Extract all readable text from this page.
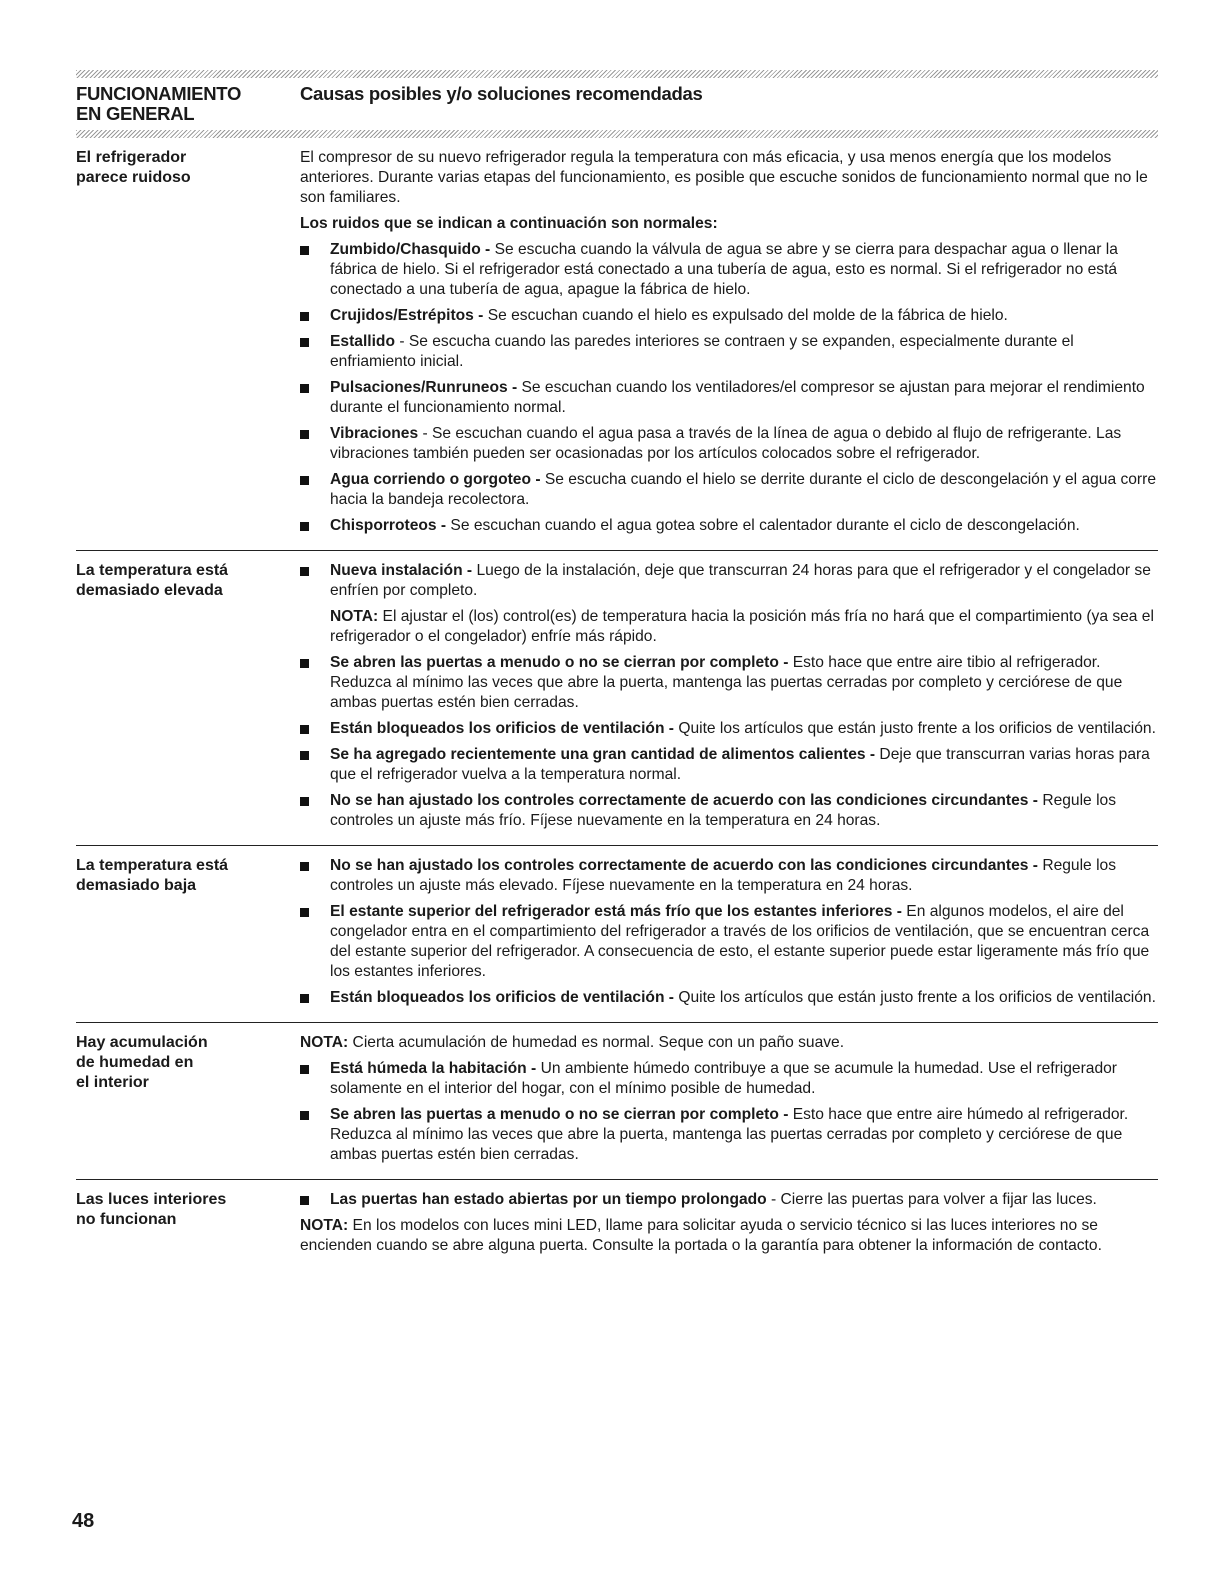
FUNCIONAMIENTO
EN GENERAL
Causas posibles y/o soluciones recomendadas
El refrigerador
parece ruidoso

El compresor de su nuevo refrigerador regula la temperatura con más eficacia, y usa menos energía que los modelos anteriores. Durante varias etapas del funcionamiento, es posible que escuche sonidos de funcionamiento normal que no le son familiares.

Los ruidos que se indican a continuación son normales:

Zumbido/Chasquido - Se escucha cuando la válvula de agua se abre y se cierra para despachar agua o llenar la fábrica de hielo. Si el refrigerador está conectado a una tubería de agua, esto es normal. Si el refrigerador no está conectado a una tubería de agua, apague la fábrica de hielo.
Crujidos/Estrépitos - Se escuchan cuando el hielo es expulsado del molde de la fábrica de hielo.
Estallido - Se escucha cuando las paredes interiores se contraen y se expanden, especialmente durante el enfriamiento inicial.
Pulsaciones/Runruneos - Se escuchan cuando los ventiladores/el compresor se ajustan para mejorar el rendimiento durante el funcionamiento normal.
Vibraciones - Se escuchan cuando el agua pasa a través de la línea de agua o debido al flujo de refrigerante. Las vibraciones también pueden ser ocasionadas por los artículos colocados sobre el refrigerador.
Agua corriendo o gorgoteo - Se escucha cuando el hielo se derrite durante el ciclo de descongelación y el agua corre hacia la bandeja recolectora.
Chisporroteos - Se escuchan cuando el agua gotea sobre el calentador durante el ciclo de descongelación.
La temperatura está
demasiado elevada
Nueva instalación - Luego de la instalación, deje que transcurran 24 horas para que el refrigerador y el congelador se enfríen por completo.

NOTA: El ajustar el (los) control(es) de temperatura hacia la posición más fría no hará que el compartimiento (ya sea el refrigerador o el congelador) enfríe más rápido.

Se abren las puertas a menudo o no se cierran por completo - Esto hace que entre aire tibio al refrigerador. Reduzca al mínimo las veces que abre la puerta, mantenga las puertas cerradas por completo y cerciórese de que ambas puertas estén bien cerradas.
Están bloqueados los orificios de ventilación - Quite los artículos que están justo frente a los orificios de ventilación.
Se ha agregado recientemente una gran cantidad de alimentos calientes - Deje que transcurran varias horas para que el refrigerador vuelva a la temperatura normal.
No se han ajustado los controles correctamente de acuerdo con las condiciones circundantes - Regule los controles un ajuste más frío. Fíjese nuevamente en la temperatura en 24 horas.
La temperatura está
demasiado baja
No se han ajustado los controles correctamente de acuerdo con las condiciones circundantes - Regule los controles un ajuste más elevado. Fíjese nuevamente en la temperatura en 24 horas.
El estante superior del refrigerador está más frío que los estantes inferiores - En algunos modelos, el aire del congelador entra en el compartimiento del refrigerador a través de los orificios de ventilación, que se encuentran cerca del estante superior del refrigerador. A consecuencia de esto, el estante superior puede estar ligeramente más frío que los estantes inferiores.
Están bloqueados los orificios de ventilación - Quite los artículos que están justo frente a los orificios de ventilación.
Hay acumulación
de humedad en
el interior

NOTA: Cierta acumulación de humedad es normal. Seque con un paño suave.

Está húmeda la habitación - Un ambiente húmedo contribuye a que se acumule la humedad. Use el refrigerador solamente en el interior del hogar, con el mínimo posible de humedad.
Se abren las puertas a menudo o no se cierran por completo - Esto hace que entre aire húmedo al refrigerador. Reduzca al mínimo las veces que abre la puerta, mantenga las puertas cerradas por completo y cerciórese de que ambas puertas estén bien cerradas.
Las luces interiores
no funcionan
Las puertas han estado abiertas por un tiempo prolongado - Cierre las puertas para volver a fijar las luces.

NOTA: En los modelos con luces mini LED, llame para solicitar ayuda o servicio técnico si las luces interiores no se encienden cuando se abre alguna puerta. Consulte la portada o la garantía para obtener la información de contacto.

48
